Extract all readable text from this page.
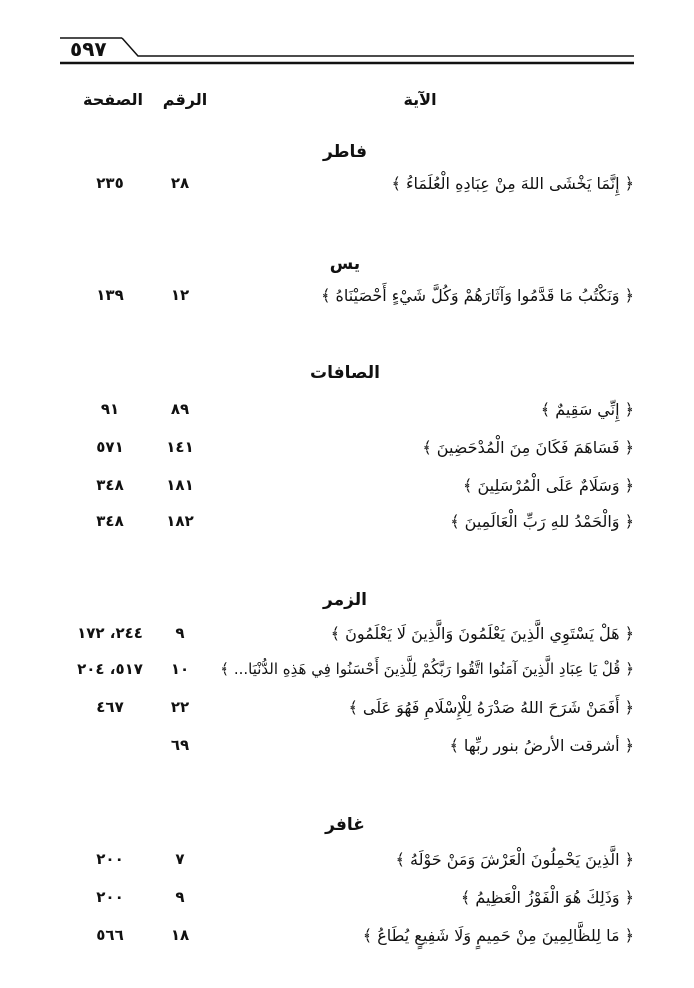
٥٩٧
الآية
الرقم
الصفحة
فاطر
﴿ إِنَّمَا يَخْشَى اللهَ مِنْ عِبَادِهِ الْعُلَمَاءُ ﴾
٢٨
٢٣٥
يس
﴿ وَنَكْتُبُ مَا قَدَّمُوا وَآثَارَهُمْ وَكُلَّ شَيْءٍ أَحْصَيْنَاهُ ﴾
١٢
١٣٩
الصافات
﴿ إِنِّي سَقِيمٌ ﴾
٨٩
٩١
﴿ فَسَاهَمَ فَكَانَ مِنَ الْمُدْحَضِينَ ﴾
١٤١
٥٧١
﴿ وَسَلَامٌ عَلَى الْمُرْسَلِينَ ﴾
١٨١
٣٤٨
﴿ وَالْحَمْدُ للهِ رَبِّ الْعَالَمِينَ ﴾
١٨٢
٣٤٨
الزمر
﴿ هَلْ يَسْتَوِي الَّذِينَ يَعْلَمُونَ وَالَّذِينَ لَا يَعْلَمُونَ ﴾
٩
٢٤٤، ١٧٢
﴿ قُلْ يَا عِبَادِ الَّذِينَ آمَنُوا اتَّقُوا رَبَّكُمْ لِلَّذِينَ أَحْسَنُوا فِي هَذِهِ الدُّنْيَا... ﴾
١٠
٥١٧، ٢٠٤
﴿ أَفَمَنْ شَرَحَ اللهُ صَدْرَهُ لِلْإِسْلَامِ فَهُوَ عَلَى ﴾
٢٢
٤٦٧
﴿ أشرقت الأرضُ بنور ربِّها ﴾
٦٩
غافر
﴿ الَّذِينَ يَحْمِلُونَ الْعَرْشَ وَمَنْ حَوْلَهُ ﴾
٧
٢٠٠
﴿ وَذَلِكَ هُوَ الْفَوْزُ الْعَظِيمُ ﴾
٩
٢٠٠
﴿ مَا لِلظَّالِمِينَ مِنْ حَمِيمٍ وَلَا شَفِيعٍ يُطَاعُ ﴾
١٨
٥٦٦
